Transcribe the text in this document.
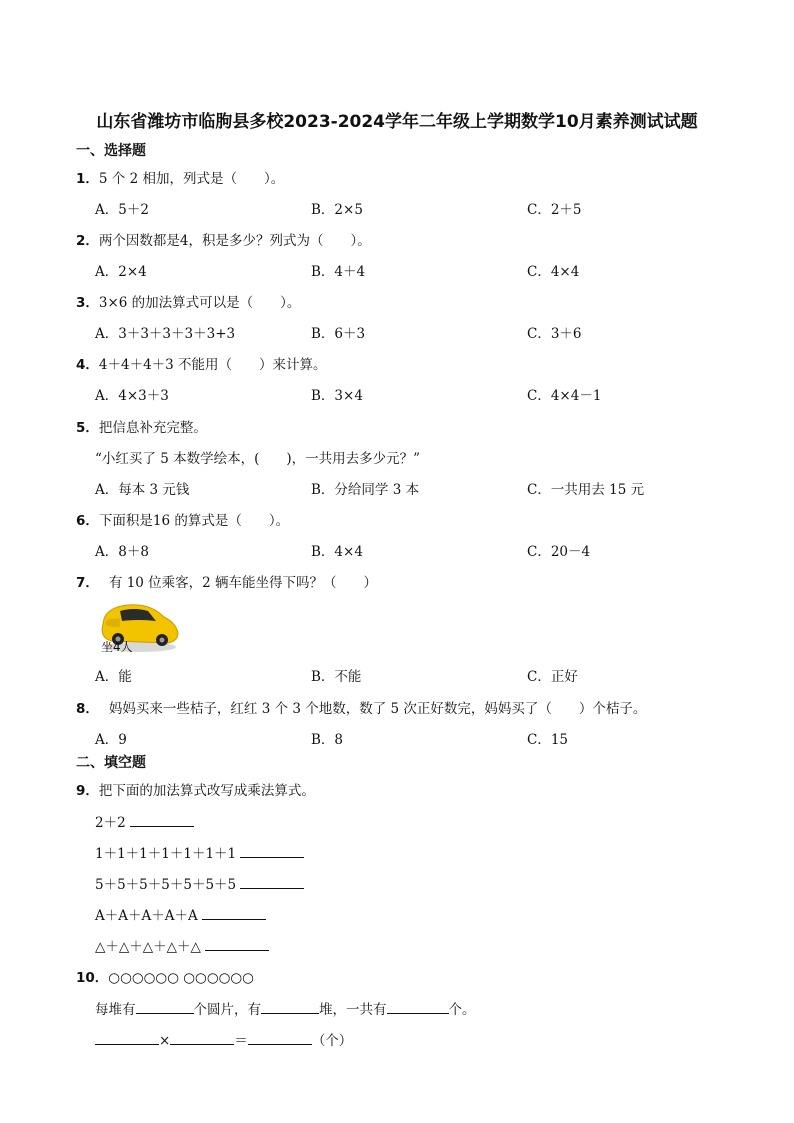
山东省潍坊市临朐县多校2023-2024学年二年级上学期数学10月素养测试试题
一、选择题
1．5 个 2 相加，列式是（　　）。
A．5＋2	B．2×5	C．2＋5
2．两个因数都是4，积是多少？列式为（　　）。
A．2×4	B．4＋4	C．4×4
3．3×6 的加法算式可以是（　　）。
A．3＋3＋3＋3＋3+3	B．6＋3	C．3＋6
4．4＋4＋4＋3 不能用（　　）来计算。
A．4×3＋3	B．3×4	C．4×4－1
5．把信息补充完整。
“小红买了 5 本数学绘本，(　　)，一共用去多少元？”
A．每本 3 元钱	B．分给同学 3 本	C．一共用去 15 元
6．下面积是16 的算式是（　　）。
A．8＋8	B．4×4	C．20－4
7． 有 10 位乘客，2 辆车能坐得下吗？（　　）
坐4人
A．能	B．不能	C．正好
8． 妈妈买来一些桔子，红红 3 个 3 个地数，数了 5 次正好数完，妈妈买了（　　）个桔子。
A．9	B．8	C．15
二、填空题
9．把下面的加法算式改写成乘法算式。
2＋2
1＋1＋1＋1＋1＋1＋1
5＋5＋5＋5＋5＋5＋5
A＋A＋A＋A＋A
△＋△＋△＋△＋△
10．○○○○○○ ○○○○○○
每堆有	个圆片，有	堆，一共有	个。
×	＝	（个）
